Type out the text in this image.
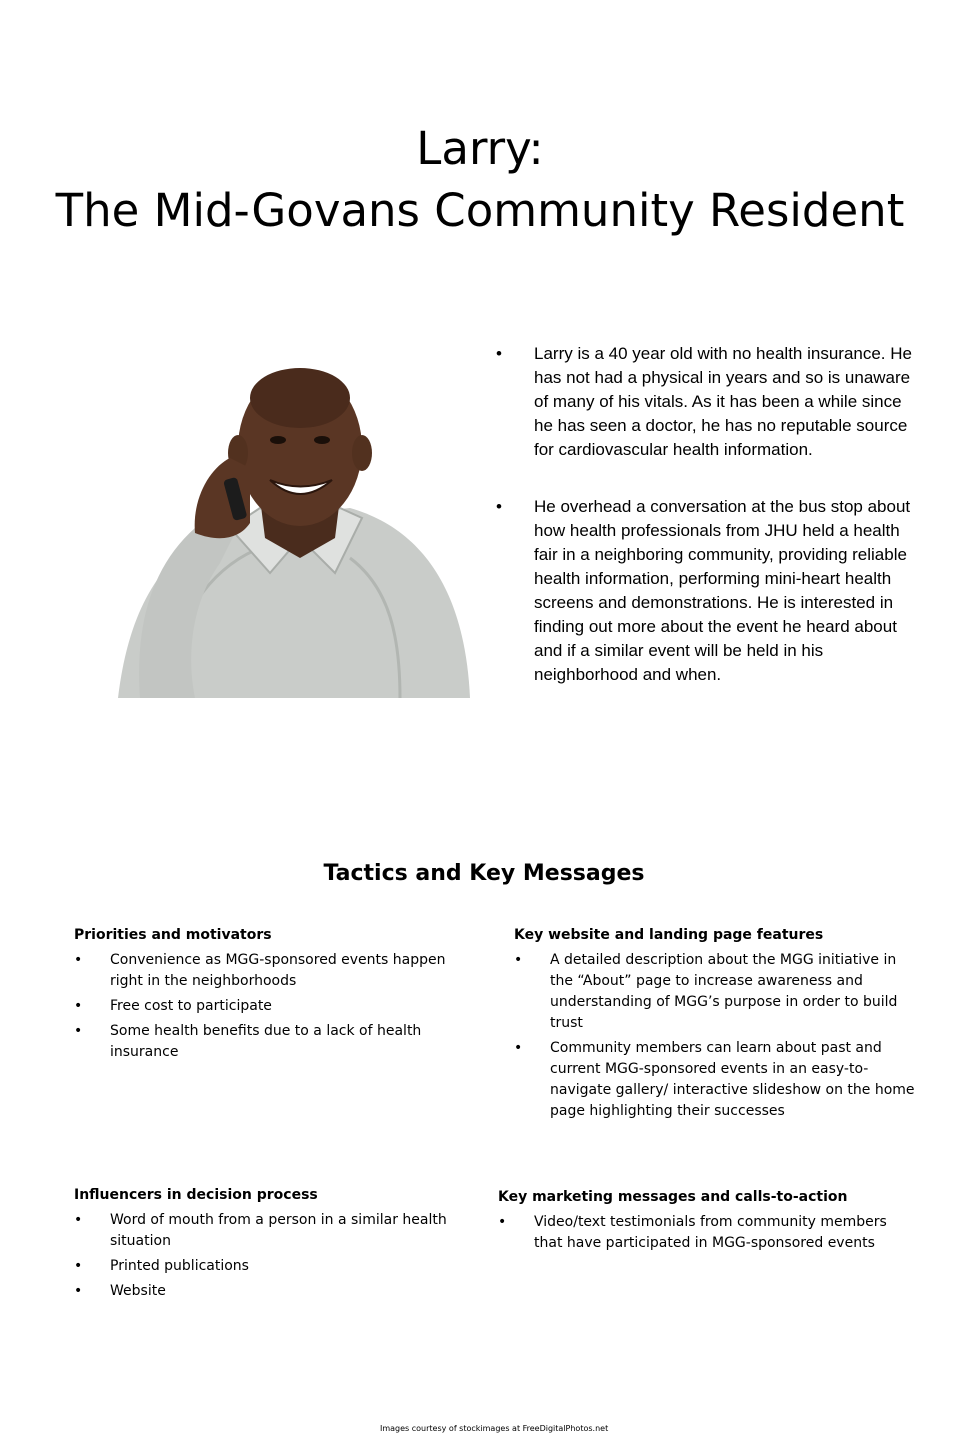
Larry:
The Mid-Govans Community Resident
• Larry is a 40 year old with no health insurance. He has not had a physical in years and so is unaware of many of his vitals. As it has been a while since he has seen a doctor, he has no reputable source for cardiovascular health information.
• He overhead a conversation at the bus stop about how health professionals from JHU held a health fair in a neighboring community, providing reliable health information, performing mini-heart health screens and demonstrations. He is interested in finding out more about the event he heard about and if a similar event will be held in his neighborhood and when.
Tactics and Key Messages
Priorities and motivators
• Convenience as MGG-sponsored events happen right in the neighborhoods
• Free cost to participate
• Some health benefits due to a lack of health insurance
Key website and landing page features
• A detailed description about the MGG initiative in the “About” page to increase awareness and understanding of MGG’s purpose in order to build trust
• Community members can learn about past and current MGG-sponsored events in an easy-to-navigate gallery/ interactive slideshow on the home page highlighting their successes
Influencers in decision process
• Word of mouth from a person in a similar health situation
• Printed publications
• Website
Key marketing messages and calls-to-action
• Video/text testimonials from community members that have participated in MGG-sponsored events
Images courtesy of stockimages at FreeDigitalPhotos.net
